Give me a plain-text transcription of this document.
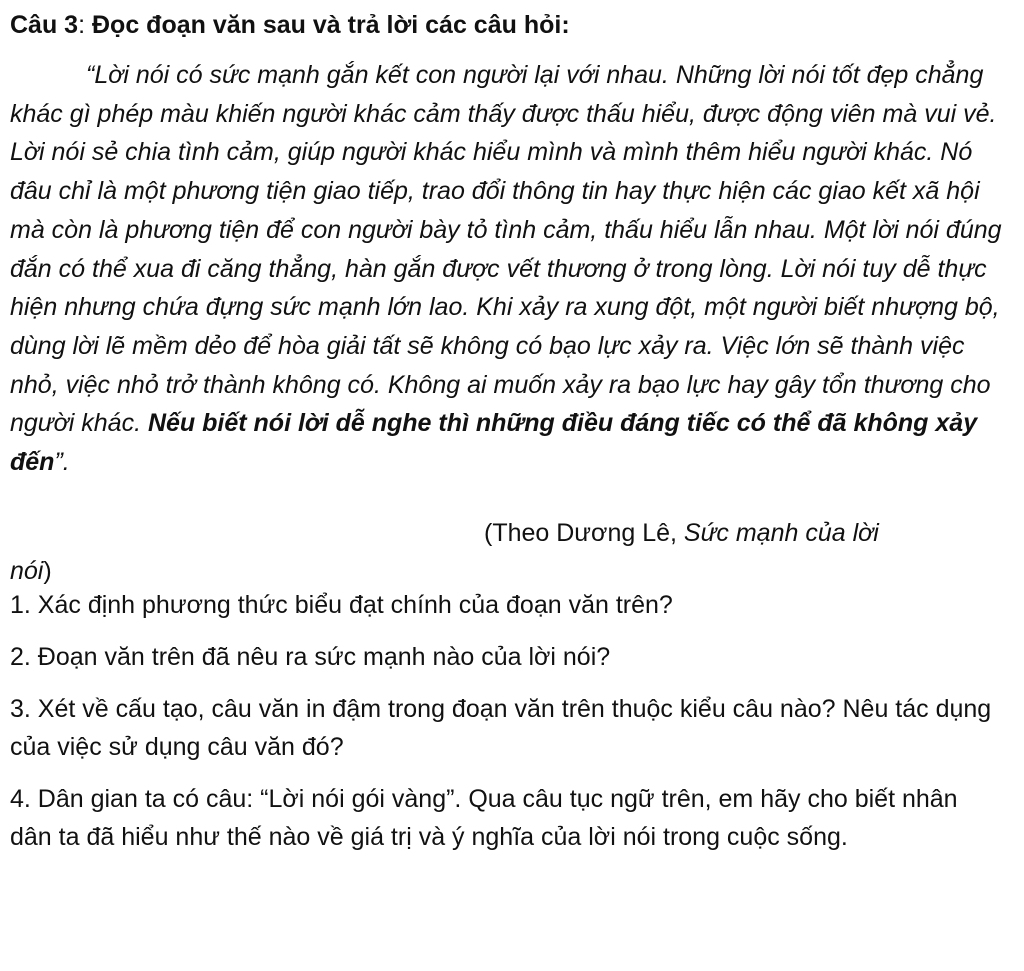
Câu 3: Đọc đoạn văn sau và trả lời các câu hỏi:

“Lời nói có sức mạnh gắn kết con người lại với nhau. Những lời nói tốt đẹp chẳng khác gì phép màu khiến người khác cảm thấy được thấu hiểu, được động viên mà vui vẻ. Lời nói sẻ chia tình cảm, giúp người khác hiểu mình và mình thêm hiểu người khác. Nó đâu chỉ là một phương tiện giao tiếp, trao đổi thông tin hay thực hiện các giao kết xã hội mà còn là phương tiện để con người bày tỏ tình cảm, thấu hiểu lẫn nhau. Một lời nói đúng đắn có thể xua đi căng thẳng, hàn gắn được vết thương ở trong lòng. Lời nói tuy dễ thực hiện nhưng chứa đựng sức mạnh lớn lao. Khi xảy ra xung đột, một người biết nhượng bộ, dùng lời lẽ mềm dẻo để hòa giải tất sẽ không có bạo lực xảy ra. Việc lớn sẽ thành việc nhỏ, việc nhỏ trở thành không có. Không ai muốn xảy ra bạo lực hay gây tổn thương cho người khác. Nếu biết nói lời dễ nghe thì những điều đáng tiếc có thể đã không xảy đến”.

(Theo Dương Lê, Sức mạnh của lời
nói)
1. Xác định phương thức biểu đạt chính của đoạn văn trên?
2. Đoạn văn trên đã nêu ra sức mạnh nào của lời nói?
3. Xét về cấu tạo, câu văn in đậm trong đoạn văn trên thuộc kiểu câu nào? Nêu tác dụng của việc sử dụng câu văn đó?
4. Dân gian ta có câu: “Lời nói gói vàng”. Qua câu tục ngữ trên, em hãy cho biết nhân dân ta đã hiểu như thế nào về giá trị và ý nghĩa của lời nói trong cuộc sống.
